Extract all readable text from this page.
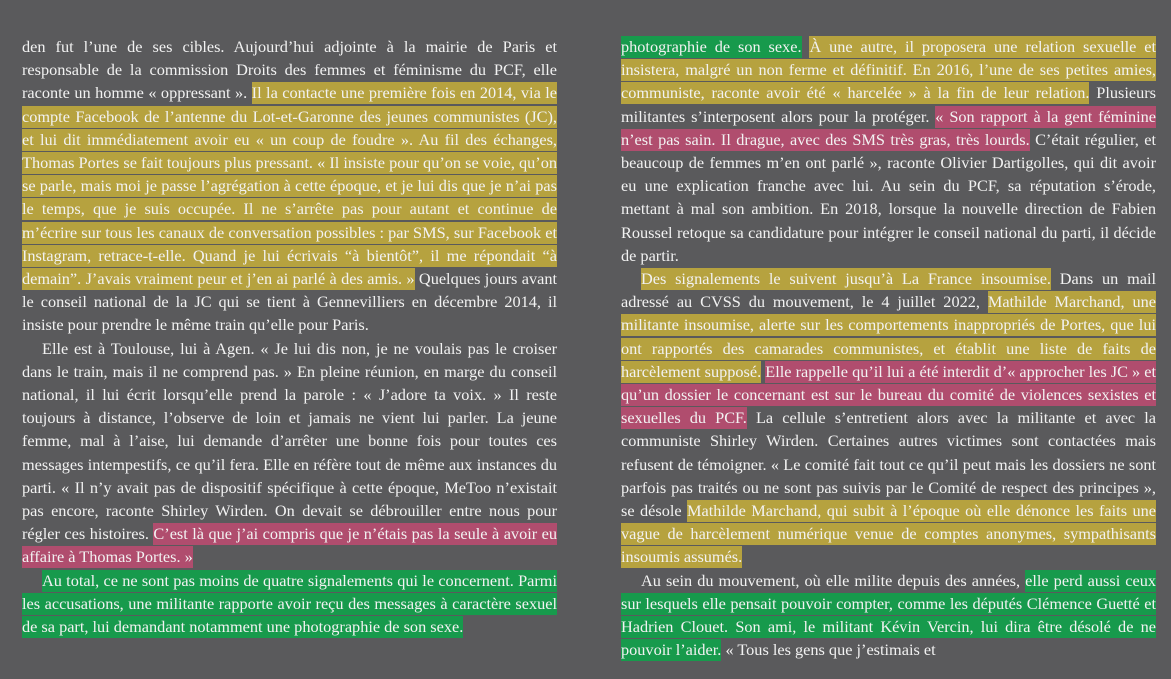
den fut l’une de ses cibles. Aujourd’hui adjointe à la mairie de Paris et responsable de la commission Droits des femmes et féminisme du PCF, elle raconte un homme « oppressant ». Il la contacte une première fois en 2014, via le compte Facebook de l’antenne du Lot-et-Garonne des jeunes communistes (JC), et lui dit immédiatement avoir eu « un coup de foudre ». Au fil des échanges, Thomas Portes se fait toujours plus pressant. « Il insiste pour qu’on se voie, qu’on se parle, mais moi je passe l’agrégation à cette époque, et je lui dis que je n’ai pas le temps, que je suis occupée. Il ne s’arrête pas pour autant et continue de m’écrire sur tous les canaux de conversation possibles : par SMS, sur Facebook et Instagram, retrace-t-elle. Quand je lui écrivais “à bientôt”, il me répondait “à demain”. J’avais vraiment peur et j’en ai parlé à des amis. » Quelques jours avant le conseil national de la JC qui se tient à Gennevilliers en décembre 2014, il insiste pour prendre le même train qu’elle pour Paris.

Elle est à Toulouse, lui à Agen. « Je lui dis non, je ne voulais pas le croiser dans le train, mais il ne comprend pas. » En pleine réunion, en marge du conseil national, il lui écrit lorsqu’elle prend la parole : « J’adore ta voix. » Il reste toujours à distance, l’observe de loin et jamais ne vient lui parler. La jeune femme, mal à l’aise, lui demande d’arrêter une bonne fois pour toutes ces messages intempestifs, ce qu’il fera. Elle en réfère tout de même aux instances du parti. « Il n’y avait pas de dispositif spécifique à cette époque, MeToo n’existait pas encore, raconte Shirley Wirden. On devait se débrouiller entre nous pour régler ces histoires. C’est là que j’ai compris que je n’étais pas la seule à avoir eu affaire à Thomas Portes. »

Au total, ce ne sont pas moins de quatre signalements qui le concernent. Parmi les accusations, une militante rapporte avoir reçu des messages à caractère sexuel de sa part, lui demandant notamment une photographie de son sexe.

photographie de son sexe. À une autre, il proposera une relation sexuelle et insistera, malgré un non ferme et définitif. En 2016, l’une de ses petites amies, communiste, raconte avoir été « harcelée » à la fin de leur relation. Plusieurs militantes s’interposent alors pour la protéger. « Son rapport à la gent féminine n’est pas sain. Il drague, avec des SMS très gras, très lourds. C’était régulier, et beaucoup de femmes m’en ont parlé », raconte Olivier Dartigolles, qui dit avoir eu une explication franche avec lui. Au sein du PCF, sa réputation s’érode, mettant à mal son ambition. En 2018, lorsque la nouvelle direction de Fabien Roussel retoque sa candidature pour intégrer le conseil national du parti, il décide de partir.

Des signalements le suivent jusqu’à La France insoumise. Dans un mail adressé au CVSS du mouvement, le 4 juillet 2022, Mathilde Marchand, une militante insoumise, alerte sur les comportements inappropriés de Portes, que lui ont rapportés des camarades communistes, et établit une liste de faits de harcèlement supposé. Elle rappelle qu’il lui a été interdit d’« approcher les JC » et qu’un dossier le concernant est sur le bureau du comité de violences sexistes et sexuelles du PCF. La cellule s’entretient alors avec la militante et avec la communiste Shirley Wirden. Certaines autres victimes sont contactées mais refusent de témoigner. « Le comité fait tout ce qu’il peut mais les dossiers ne sont parfois pas traités ou ne sont pas suivis par le Comité de respect des principes », se désole Mathilde Marchand, qui subit à l’époque où elle dénonce les faits une vague de harcèlement numérique venue de comptes anonymes, sympathisants insoumis assumés.

Au sein du mouvement, où elle milite depuis des années, elle perd aussi ceux sur lesquels elle pensait pouvoir compter, comme les députés Clémence Guetté et Hadrien Clouet. Son ami, le militant Kévin Vercin, lui dira être désolé de ne pouvoir l’aider. « Tous les gens que j’estimais et
